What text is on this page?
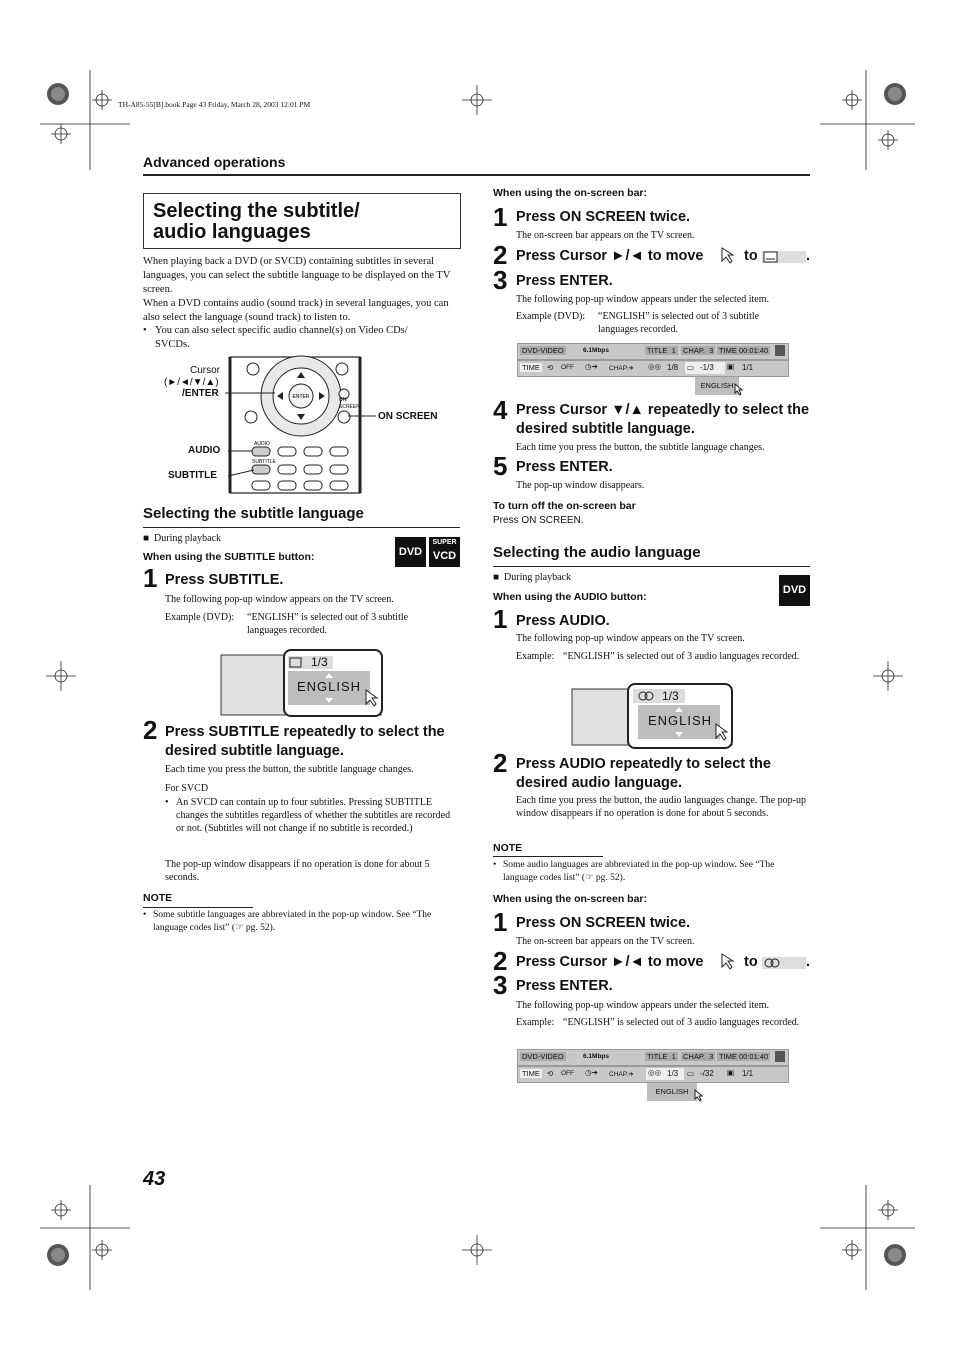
TH-A85-55[B].book Page 43 Friday, March 28, 2003 12:01 PM
Advanced operations
43
Selecting the subtitle/
audio languages
When playing back a DVD (or SVCD) containing subtitles in several languages, you can select the subtitle language to be displayed on the TV screen.
When a DVD contains audio (sound track) in several languages, you can also select the language (sound track) to listen to.
• You can also select specific audio channel(s) on Video CDs/ SVCDs.
ENTER	ON
SCREEN
AUDIO
SUBTITLE
Cursor
(►/◄/▼/▲)
/ENTER
ON SCREEN
AUDIO
SUBTITLE
Selecting the subtitle language
■  During playback
When using the SUBTITLE button:	DVD
SUPER
VCD
1 Press SUBTITLE.
The following pop-up window appears on the TV screen.
Example (DVD):	“ENGLISH” is selected out of 3 subtitle languages recorded.
1/3
ENGLISH
2 Press SUBTITLE repeatedly to select the desired subtitle language.
Each time you press the button, the subtitle language changes.
For SVCD
• An SVCD can contain up to four subtitles. Pressing SUBTITLE changes the subtitles regardless of whether the subtitles are recorded or not. (Subtitles will not change if no subtitle is recorded.)
The pop-up window disappears if no operation is done for about 5 seconds.
NOTE
• Some subtitle languages are abbreviated in the pop-up window. See “The language codes list” (☞ pg. 52).
When using the on-screen bar:
1 Press ON SCREEN twice.
The on-screen bar appears on the TV screen.
2 Press Cursor ►/◄ to move	to	.
3 Press ENTER.
The following pop-up window appears under the selected item.
Example (DVD):	“ENGLISH” is selected out of 3 subtitle languages recorded.
DVD-VIDEO	6.1Mbps	TITLE  1 CHAP.  3 TIME 00:01:40
TIME ⟲ OFF ◷➔ CHAP.➔ ◎◎ 1/8 ▭ -1/3 ▣ 1/1
ENGLISH
4 Press Cursor ▼/▲ repeatedly to select the desired subtitle language.
Each time you press the button, the subtitle language changes.
5 Press ENTER.
The pop-up window disappears.
To turn off the on-screen bar
Press ON SCREEN.
Selecting the audio language
■  During playback
When using the AUDIO button:
DVD
1 Press AUDIO.
The following pop-up window appears on the TV screen.
Example: “ENGLISH” is selected out of 3 audio languages recorded.
1/3
ENGLISH
2 Press AUDIO repeatedly to select the desired audio language.
Each time you press the button, the audio languages change. The pop-up window disappears if no operation is done for about 5 seconds.
NOTE
• Some audio languages are abbreviated in the pop-up window. See “The language codes list” (☞ pg. 52).
When using the on-screen bar:
1 Press ON SCREEN twice.
The on-screen bar appears on the TV screen.
2 Press Cursor ►/◄ to move	to	.
3 Press ENTER.
The following pop-up window appears under the selected item.
Example: “ENGLISH” is selected out of 3 audio languages recorded.
DVD-VIDEO	6.1Mbps	TITLE  1 CHAP.  3 TIME 00:01:40
TIME ⟲ OFF ◷➔ CHAP.➔ ◎◎ 1/3 ▭ -/32 ▣ 1/1
ENGLISH
